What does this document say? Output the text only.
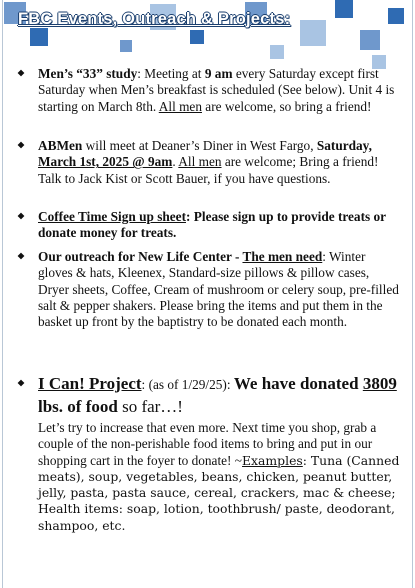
FBC Events, Outreach & Projects:
Men’s “33” study: Meeting at 9 am every Saturday except first Saturday when Men’s breakfast is scheduled (See below). Unit 4 is starting on March 8th. All men are welcome, so bring a friend!
ABMen will meet at Deaner’s Diner in West Fargo, Saturday, March 1st, 2025 @ 9am. All men are welcome; Bring a friend! Talk to Jack Kist or Scott Bauer, if you have questions.
Coffee Time Sign up sheet: Please sign up to provide treats or donate money for treats.
Our outreach for New Life Center - The men need: Winter gloves & hats, Kleenex, Standard-size pillows & pillow cases, Dryer sheets, Coffee, Cream of mushroom or celery soup, pre-filled salt & pepper shakers. Please bring the items and put them in the basket up front by the baptistry to be donated each month.
I Can! Project: (as of 1/29/25): We have donated 3809 lbs. of food so far…!
Let’s try to increase that even more. Next time you shop, grab a couple of the non-perishable food items to bring and put in our shopping cart in the foyer to donate! ~Examples: Tuna (Canned meats), soup, vegetables, beans, chicken, peanut butter, jelly, pasta, pasta sauce, cereal, crackers, mac & cheese; Health items: soap, lotion, toothbrush/ paste, deodorant, shampoo, etc.
